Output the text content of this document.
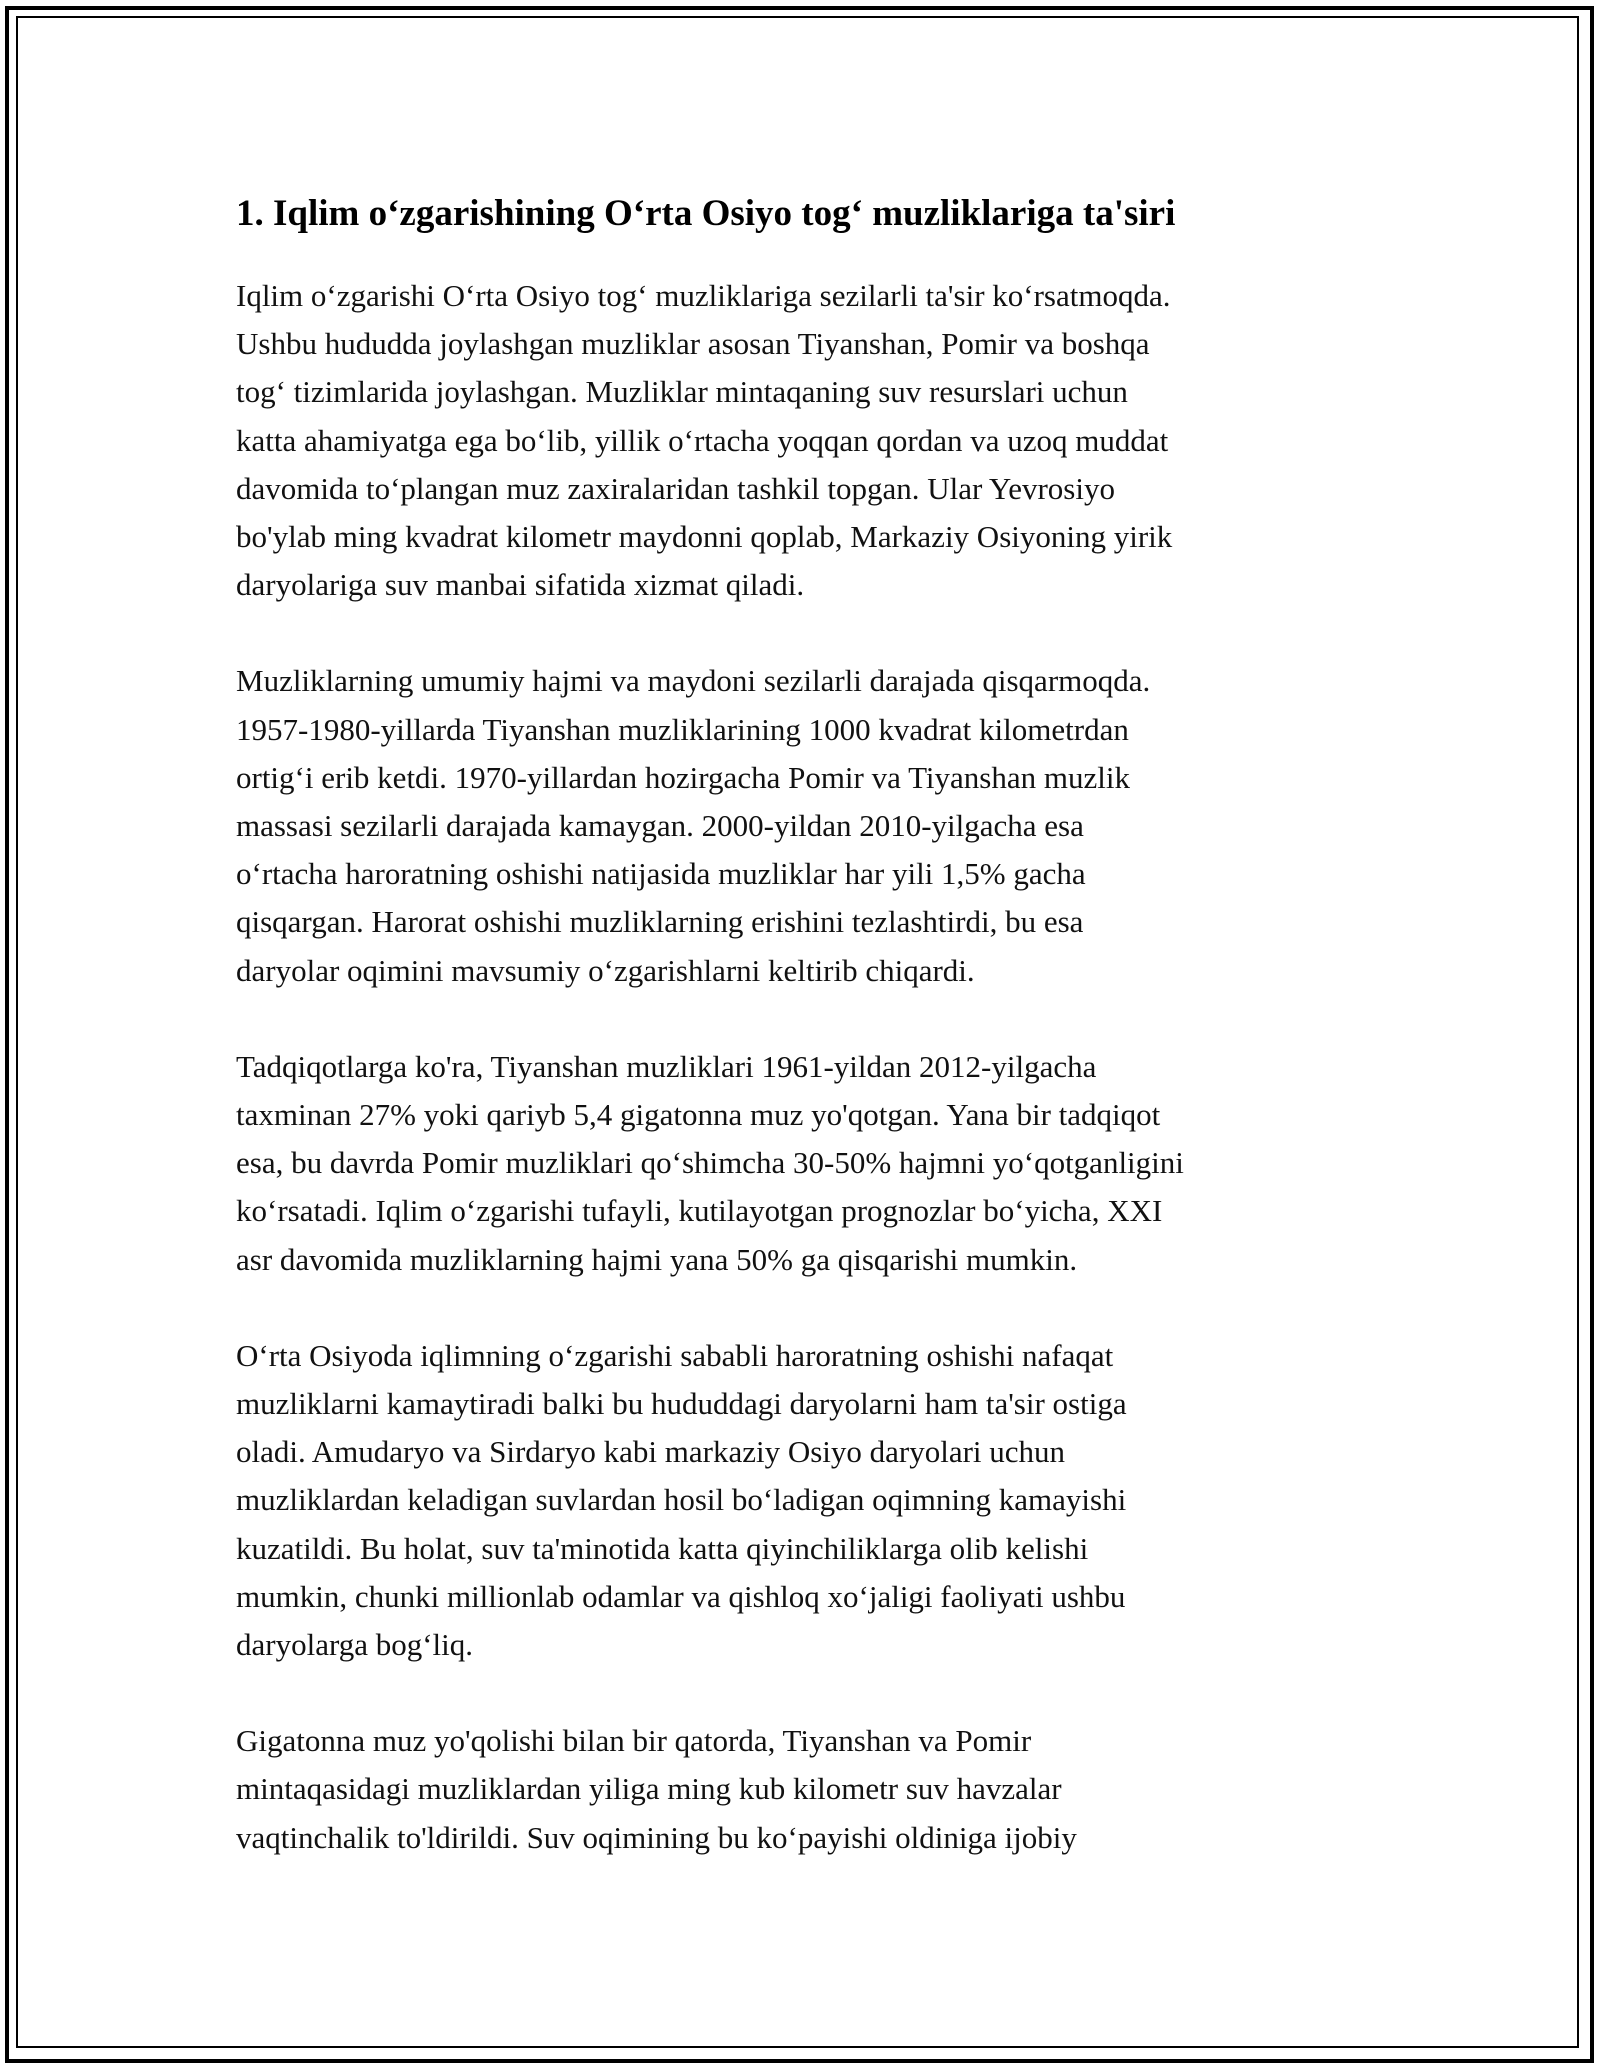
1. Iqlim o‘zgarishining O‘rta Osiyo tog‘ muzliklariga ta'siri

Iqlim o‘zgarishi O‘rta Osiyo tog‘ muzliklariga sezilarli ta'sir ko‘rsatmoqda.
Ushbu hududda joylashgan muzliklar asosan Tiyanshan, Pomir va boshqa
tog‘ tizimlarida joylashgan. Muzliklar mintaqaning suv resurslari uchun
katta ahamiyatga ega bo‘lib, yillik o‘rtacha yoqqan qordan va uzoq muddat
davomida to‘plangan muz zaxiralaridan tashkil topgan. Ular Yevrosiyo
bo'ylab ming kvadrat kilometr maydonni qoplab, Markaziy Osiyoning yirik
daryolariga suv manbai sifatida xizmat qiladi.

Muzliklarning umumiy hajmi va maydoni sezilarli darajada qisqarmoqda.
1957-1980-yillarda Tiyanshan muzliklarining 1000 kvadrat kilometrdan
ortig‘i erib ketdi. 1970-yillardan hozirgacha Pomir va Tiyanshan muzlik
massasi sezilarli darajada kamaygan. 2000-yildan 2010-yilgacha esa
o‘rtacha haroratning oshishi natijasida muzliklar har yili 1,5% gacha
qisqargan. Harorat oshishi muzliklarning erishini tezlashtirdi, bu esa
daryolar oqimini mavsumiy o‘zgarishlarni keltirib chiqardi.

Tadqiqotlarga ko'ra, Tiyanshan muzliklari 1961-yildan 2012-yilgacha
taxminan 27% yoki qariyb 5,4 gigatonna muz yo'qotgan. Yana bir tadqiqot
esa, bu davrda Pomir muzliklari qo‘shimcha 30-50% hajmni yo‘qotganligini
ko‘rsatadi. Iqlim o‘zgarishi tufayli, kutilayotgan prognozlar bo‘yicha, XXI
asr davomida muzliklarning hajmi yana 50% ga qisqarishi mumkin.

O‘rta Osiyoda iqlimning o‘zgarishi sababli haroratning oshishi nafaqat
muzliklarni kamaytiradi balki bu hududdagi daryolarni ham ta'sir ostiga
oladi. Amudaryo va Sirdaryo kabi markaziy Osiyo daryolari uchun
muzliklardan keladigan suvlardan hosil bo‘ladigan oqimning kamayishi
kuzatildi. Bu holat, suv ta'minotida katta qiyinchiliklarga olib kelishi
mumkin, chunki millionlab odamlar va qishloq xo‘jaligi faoliyati ushbu
daryolarga bog‘liq.

Gigatonna muz yo'qolishi bilan bir qatorda, Tiyanshan va Pomir
mintaqasidagi muzliklardan yiliga ming kub kilometr suv havzalar
vaqtinchalik to'ldirildi. Suv oqimining bu ko‘payishi oldiniga ijobiy
